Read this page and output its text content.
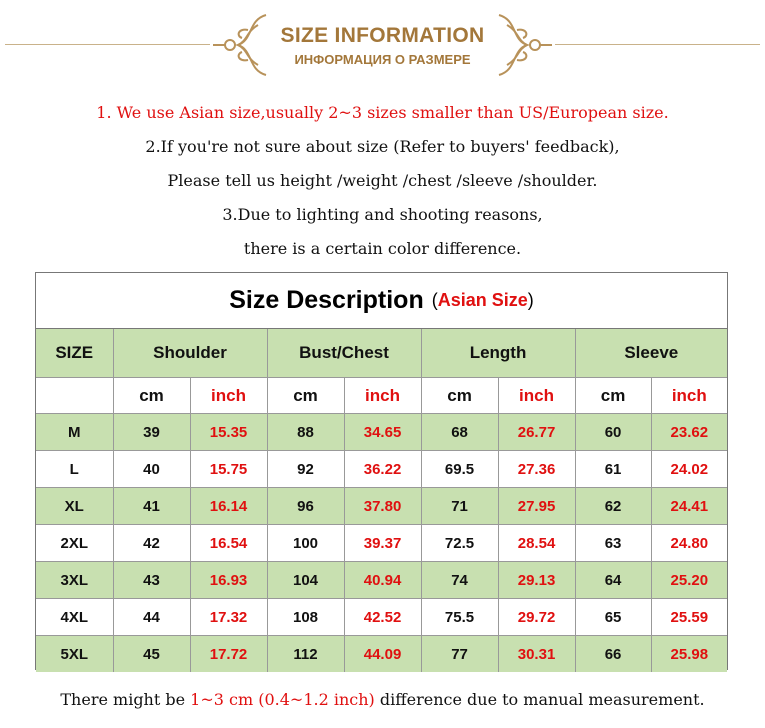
SIZE INFORMATION
ИНФОРМАЦИЯ О РАЗМЕРЕ

1. We use Asian size,usually 2~3 sizes smaller than US/European size.

2.If you're not sure about size (Refer to buyers' feedback),

Please tell us height /weight /chest /sleeve /shoulder.

3.Due to lighting and shooting reasons,

there is a certain color difference.

Size Description (Asian Size)
SIZE	Shoulder		Bust/Chest		Length		Sleeve	
	cm	inch	cm	inch	cm	inch	cm	inch
M	39	15.35	88	34.65	68	26.77	60	23.62
L	40	15.75	92	36.22	69.5	27.36	61	24.02
XL	41	16.14	96	37.80	71	27.95	62	24.41
2XL	42	16.54	100	39.37	72.5	28.54	63	24.80
3XL	43	16.93	104	40.94	74	29.13	64	25.20
4XL	44	17.32	108	42.52	75.5	29.72	65	25.59
5XL	45	17.72	112	44.09	77	30.31	66	25.98
There might be 1~3 cm (0.4~1.2 inch) difference due to manual measurement.
